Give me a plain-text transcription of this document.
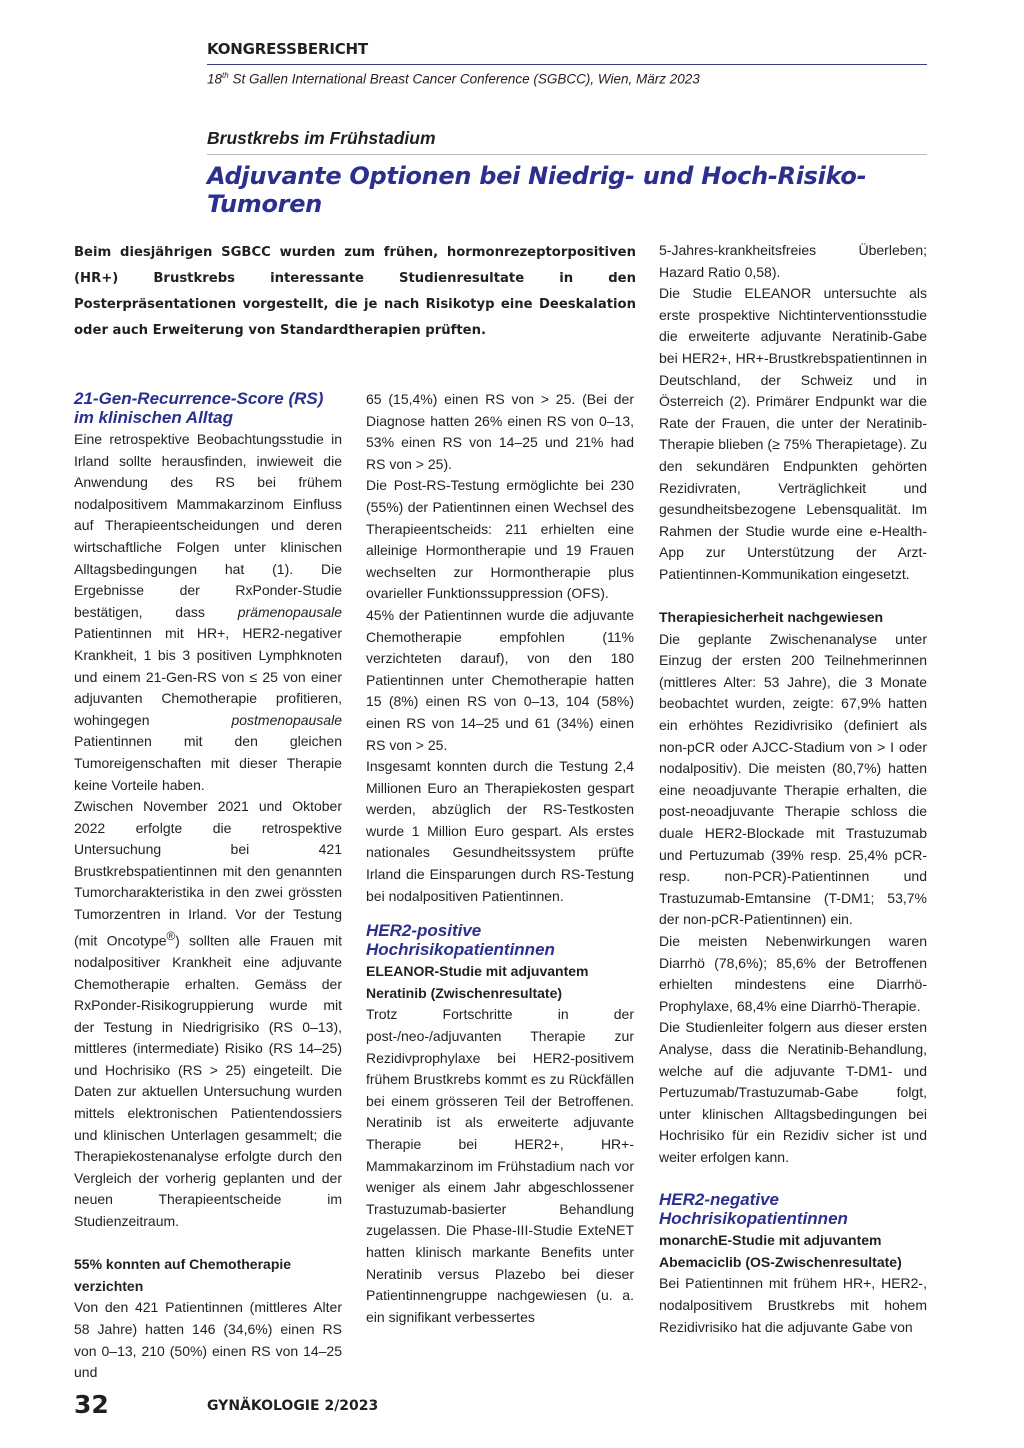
KONGRESSBERICHT
18th St Gallen International Breast Cancer Conference (SGBCC), Wien, März 2023
Brustkrebs im Frühstadium
Adjuvante Optionen bei Niedrig- und Hoch-Risiko-Tumoren
Beim diesjährigen SGBCC wurden zum frühen, hormonrezeptorpositiven (HR+) Brustkrebs interessante Studienresultate in den Posterpräsentationen vorgestellt, die je nach Risikotyp eine Deeskalation oder auch Erweiterung von Standardtherapien prüften.
21-Gen-Recurrence-Score (RS) im klinischen Alltag

Eine retrospektive Beobachtungsstudie in Irland sollte herausfinden, inwieweit die Anwendung des RS bei frühem nodalpositivem Mammakarzinom Einfluss auf Therapieentscheidungen und deren wirtschaftliche Folgen unter klinischen Alltagsbedingungen hat (1). Die Ergebnisse der RxPonder-Studie bestätigen, dass prämenopausale Patientinnen mit HR+, HER2-negativer Krankheit, 1 bis 3 positiven Lymphknoten und einem 21-Gen-RS von ≤ 25 von einer adjuvanten Chemotherapie profitieren, wohingegen postmenopausale Patientinnen mit den gleichen Tumoreigenschaften mit dieser Therapie keine Vorteile haben.

Zwischen November 2021 und Oktober 2022 erfolgte die retrospektive Untersuchung bei 421 Brustkrebspatientinnen mit den genannten Tumorcharakteristika in den zwei grössten Tumorzentren in Irland. Vor der Testung (mit Oncotype®) sollten alle Frauen mit nodalpositiver Krankheit eine adjuvante Chemotherapie erhalten. Gemäss der RxPonder-Risikogruppierung wurde mit der Testung in Niedrigrisiko (RS 0–13), mittleres (intermediate) Risiko (RS 14–25) und Hochrisiko (RS > 25) eingeteilt. Die Daten zur aktuellen Untersuchung wurden mittels elektronischen Patientendossiers und klinischen Unterlagen gesammelt; die Therapiekostenanalyse erfolgte durch den Vergleich der vorherig geplanten und der neuen Therapieentscheide im Studienzeitraum.

55% konnten auf Chemotherapie verzichten

Von den 421 Patientinnen (mittleres Alter 58 Jahre) hatten 146 (34,6%) einen RS von 0–13, 210 (50%) einen RS von 14–25 und

65 (15,4%) einen RS von > 25. (Bei der Diagnose hatten 26% einen RS von 0–13, 53% einen RS von 14–25 und 21% had RS von > 25).

Die Post-RS-Testung ermöglichte bei 230 (55%) der Patientinnen einen Wechsel des Therapieentscheids: 211 erhielten eine alleinige Hormontherapie und 19 Frauen wechselten zur Hormontherapie plus ovarieller Funktionssuppression (OFS).

45% der Patientinnen wurde die adjuvante Chemotherapie empfohlen (11% verzichteten darauf), von den 180 Patientinnen unter Chemotherapie hatten 15 (8%) einen RS von 0–13, 104 (58%) einen RS von 14–25 und 61 (34%) einen RS von > 25.

Insgesamt konnten durch die Testung 2,4 Millionen Euro an Therapiekosten gespart werden, abzüglich der RS-Testkosten wurde 1 Million Euro gespart. Als erstes nationales Gesundheitssystem prüfte Irland die Einsparungen durch RS-Testung bei nodalpositiven Patientinnen.

HER2-positive Hochrisikopatientinnen
ELEANOR-Studie mit adjuvantem Neratinib (Zwischenresultate)

Trotz Fortschritte in der post-/neo-/adjuvanten Therapie zur Rezidivprophylaxe bei HER2-positivem frühem Brustkrebs kommt es zu Rückfällen bei einem grösseren Teil der Betroffenen. Neratinib ist als erweiterte adjuvante Therapie bei HER2+, HR+-Mammakarzinom im Frühstadium nach vor weniger als einem Jahr abgeschlossener Trastuzumab-basierter Behandlung zugelassen. Die Phase-III-Studie ExteNET hatten klinisch markante Benefits unter Neratinib versus Plazebo bei dieser Patientinnengruppe nachgewiesen (u. a. ein signifikant verbessertes

5-Jahres-krankheitsfreies Überleben; Hazard Ratio 0,58).

Die Studie ELEANOR untersuchte als erste prospektive Nichtinterventionsstudie die erweiterte adjuvante Neratinib-Gabe bei HER2+, HR+-Brustkrebspatientinnen in Deutschland, der Schweiz und in Österreich (2). Primärer Endpunkt war die Rate der Frauen, die unter der Neratinib-Therapie blieben (≥ 75% Therapietage). Zu den sekundären Endpunkten gehörten Rezidivraten, Verträglichkeit und gesundheitsbezogene Lebensqualität. Im Rahmen der Studie wurde eine e-Health-App zur Unterstützung der Arzt-Patientinnen-Kommunikation eingesetzt.

Therapiesicherheit nachgewiesen

Die geplante Zwischenanalyse unter Einzug der ersten 200 Teilnehmerinnen (mittleres Alter: 53 Jahre), die 3 Monate beobachtet wurden, zeigte: 67,9% hatten ein erhöhtes Rezidivrisiko (definiert als non-pCR oder AJCC-Stadium von > I oder nodalpositiv). Die meisten (80,7%) hatten eine neoadjuvante Therapie erhalten, die post-neoadjuvante Therapie schloss die duale HER2-Blockade mit Trastuzumab und Pertuzumab (39% resp. 25,4% pCR- resp. non-PCR)-Patientinnen und Trastuzumab-Emtansine (T-DM1; 53,7% der non-pCR-Patientinnen) ein.

Die meisten Nebenwirkungen waren Diarrhö (78,6%); 85,6% der Betroffenen erhielten mindestens eine Diarrhö-Prophylaxe, 68,4% eine Diarrhö-Therapie.

Die Studienleiter folgern aus dieser ersten Analyse, dass die Neratinib-Behandlung, welche auf die adjuvante T-DM1- und Pertuzumab/Trastuzumab-Gabe folgt, unter klinischen Alltagsbedingungen bei Hochrisiko für ein Rezidiv sicher ist und weiter erfolgen kann.

HER2-negative Hochrisikopatientinnen
monarchE-Studie mit adjuvantem Abemaciclib (OS-Zwischenresultate)

Bei Patientinnen mit frühem HR+, HER2-, nodalpositivem Brustkrebs mit hohem Rezidivrisiko hat die adjuvante Gabe von

32	GYNÄKOLOGIE 2/2023
